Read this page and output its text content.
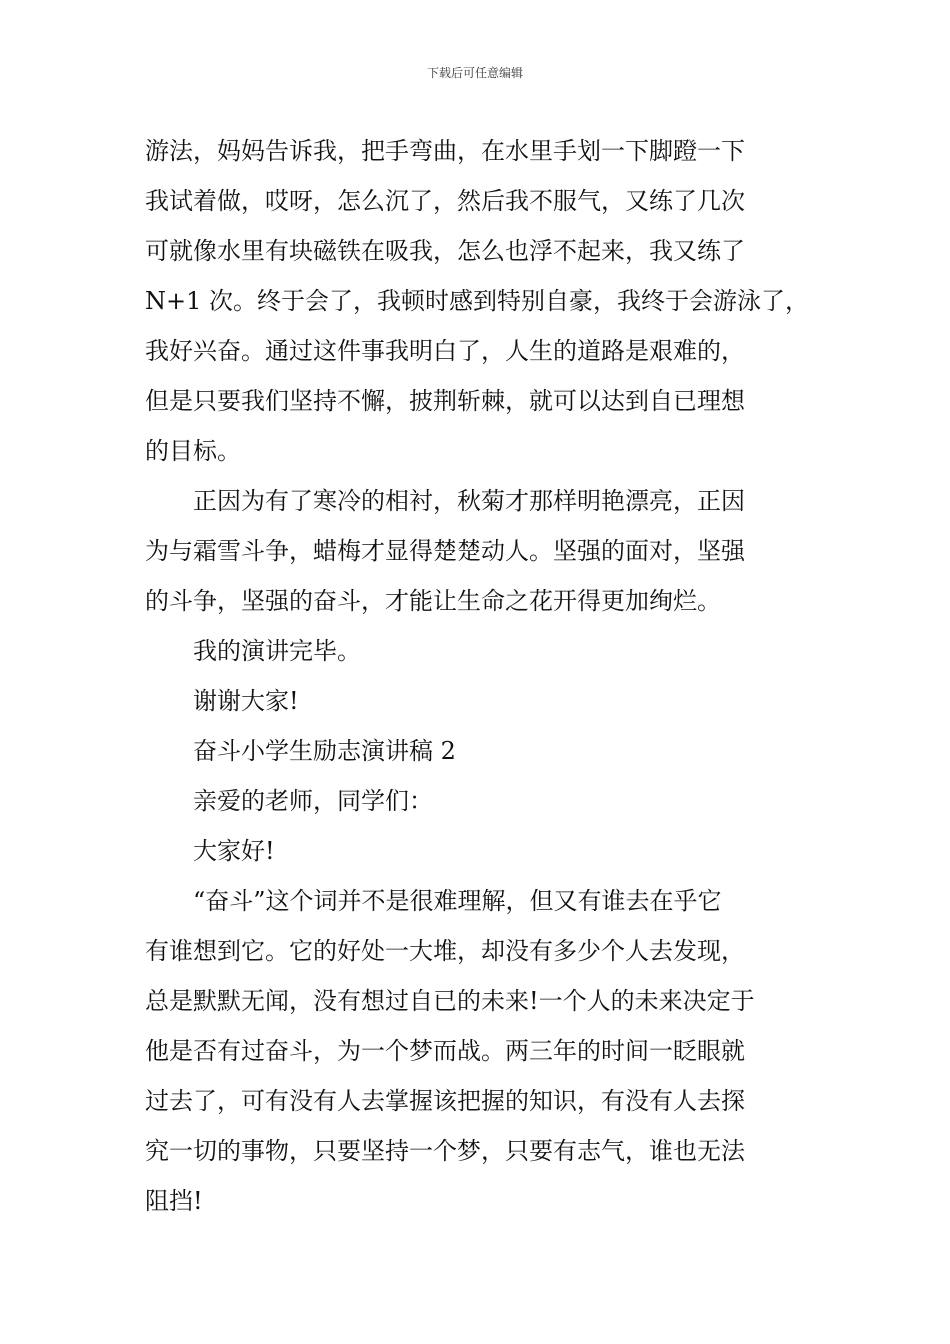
下载后可任意编辑
游法，妈妈告诉我，把手弯曲，在水里手划一下脚蹬一下
我试着做，哎呀，怎么沉了，然后我不服气，又练了几次
可就像水里有块磁铁在吸我，怎么也浮不起来，我又练了
N+1 次。终于会了，我顿时感到特别自豪，我终于会游泳了，
我好兴奋。通过这件事我明白了，人生的道路是艰难的，
但是只要我们坚持不懈，披荆斩棘，就可以达到自已理想
的目标。
正因为有了寒冷的相衬，秋菊才那样明艳漂亮，正因
为与霜雪斗争，蜡梅才显得楚楚动人。坚强的面对，坚强
的斗争，坚强的奋斗，才能让生命之花开得更加绚烂。
我的演讲完毕。
谢谢大家!
奋斗小学生励志演讲稿 2
亲爱的老师，同学们：
大家好!
“奋斗”这个词并不是很难理解，但又有谁去在乎它
有谁想到它。它的好处一大堆，却没有多少个人去发现，
总是默默无闻，没有想过自已的未来!一个人的未来决定于
他是否有过奋斗，为一个梦而战。两三年的时间一眨眼就
过去了，可有没有人去掌握该把握的知识，有没有人去探
究一切的事物，只要坚持一个梦，只要有志气，谁也无法
阻挡!
